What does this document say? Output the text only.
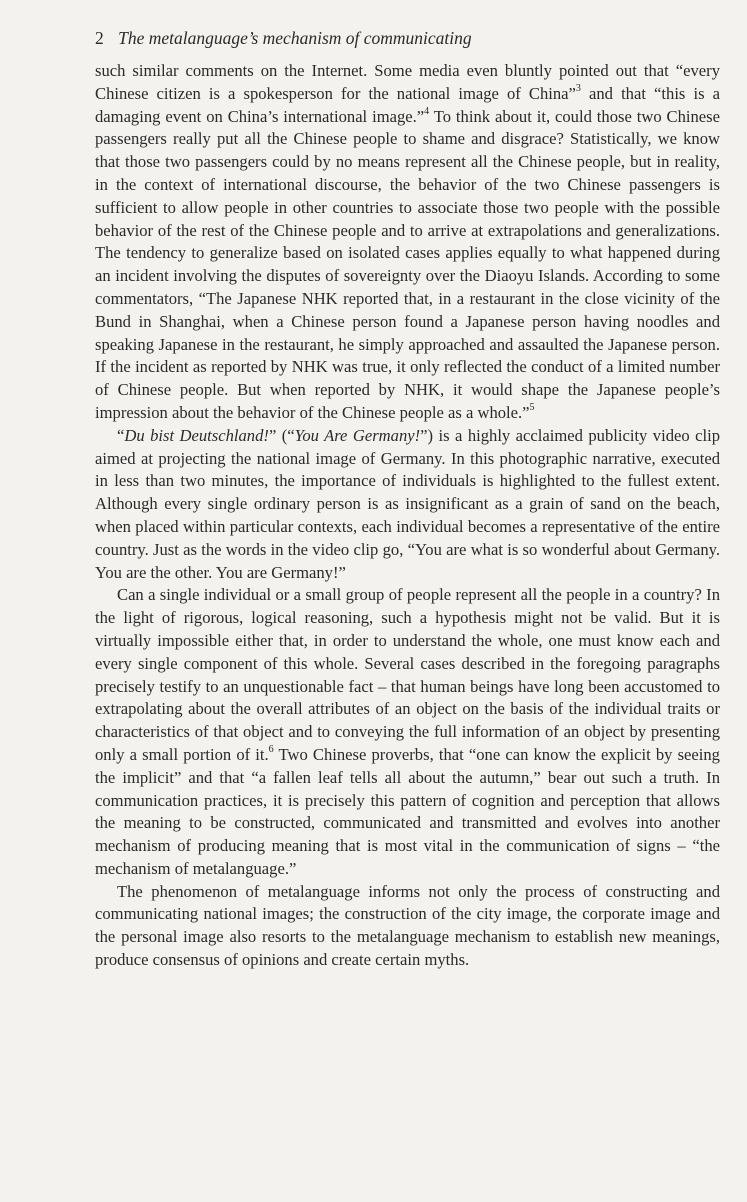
2 The metalanguage’s mechanism of communicating

such similar comments on the Internet. Some media even bluntly pointed out that “every Chinese citizen is a spokesperson for the national image of China”$^3$ and that “this is a damaging event on China’s international image.”$^4$ To think about it, could those two Chinese passengers really put all the Chinese people to shame and disgrace? Statistically, we know that those two passengers could by no means represent all the Chinese people, but in reality, in the context of international discourse, the behavior of the two Chinese passengers is sufficient to allow people in other countries to associate those two people with the possible behavior of the rest of the Chinese people and to arrive at extrapolations and generalizations. The tendency to generalize based on isolated cases applies equally to what happened during an incident involving the disputes of sovereignty over the Diaoyu Islands. According to some commentators, “The Japanese NHK reported that, in a restaurant in the close vicinity of the Bund in Shanghai, when a Chinese person found a Japanese person having noodles and speaking Japanese in the restaurant, he simply approached and assaulted the Japanese person. If the incident as reported by NHK was true, it only reflected the conduct of a limited number of Chinese people. But when reported by NHK, it would shape the Japanese people’s impression about the behavior of the Chinese people as a whole.”$^5$

“Du bist Deutschland!” (“You Are Germany!”) is a highly acclaimed publicity video clip aimed at projecting the national image of Germany. In this photographic narrative, executed in less than two minutes, the importance of individuals is highlighted to the fullest extent. Although every single ordinary person is as insignificant as a grain of sand on the beach, when placed within particular contexts, each individual becomes a representative of the entire country. Just as the words in the video clip go, “You are what is so wonderful about Germany. You are the other. You are Germany!”

Can a single individual or a small group of people represent all the people in a country? In the light of rigorous, logical reasoning, such a hypothesis might not be valid. But it is virtually impossible either that, in order to understand the whole, one must know each and every single component of this whole. Several cases described in the foregoing paragraphs precisely testify to an unquestionable fact – that human beings have long been accustomed to extrapolating about the overall attributes of an object on the basis of the individual traits or characteristics of that object and to conveying the full information of an object by presenting only a small portion of it.$^6$ Two Chinese proverbs, that “one can know the explicit by seeing the implicit” and that “a fallen leaf tells all about the autumn,” bear out such a truth. In communication practices, it is precisely this pattern of cognition and perception that allows the meaning to be constructed, communicated and transmitted and evolves into another mechanism of producing meaning that is most vital in the communication of signs – “the mechanism of metalanguage.”

The phenomenon of metalanguage informs not only the process of constructing and communicating national images; the construction of the city image, the corporate image and the personal image also resorts to the metalanguage mechanism to establish new meanings, produce consensus of opinions and create certain myths.
